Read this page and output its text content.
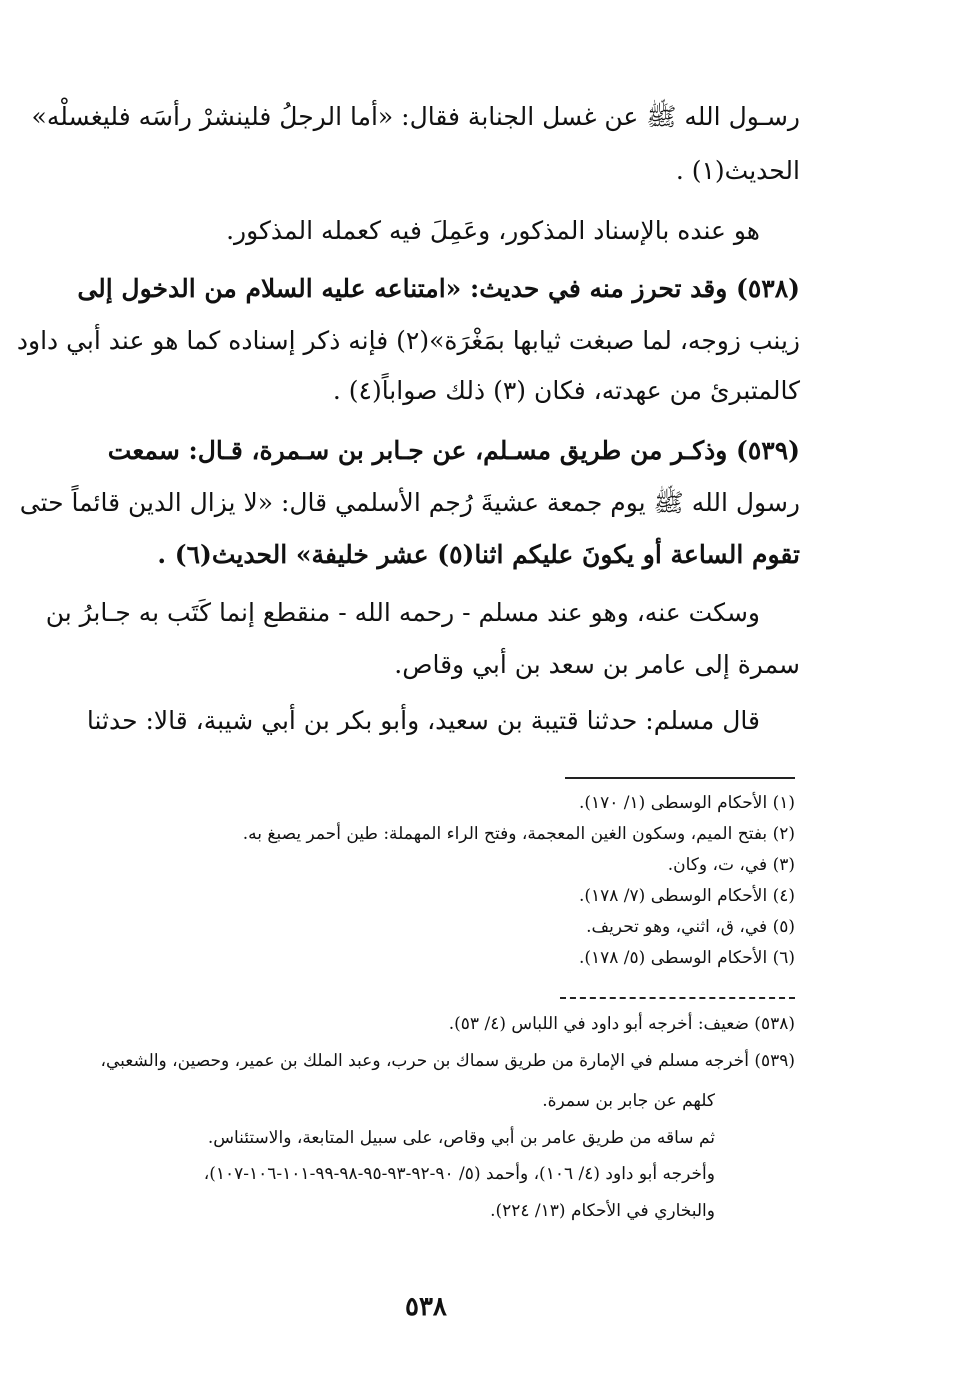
رسـول الله ﷺ عن غسل الجنابة فقال: «أما الرجلُ فلينشرْ رأسَه فليغسلْه»
الحديث(١) .
هو عنده بالإسناد المذكور، وعَمِلَ فيه كعمله المذكور.
(٥٣٨) وقد تحرز منه في حديث: «امتناعه عليه السلام من الدخول إلى
زينب زوجه، لما صبغت ثيابها بمَغْرَة»(٢) فإنه ذكر إسناده كما هو عند أبي داود
كالمتبرئ من عهدته، فكان (٣) ذلك صواباً(٤) .
(٥٣٩) وذكـر من طريق مسـلم، عن جـابر بن سـمرة، قـال: سمعت
رسول الله ﷺ يوم جمعة عشيةَ رُجم الأسلمي قال: «لا يزال الدين قائماً حتى
تقوم الساعة أو يكونَ عليكم اثنا(٥) عشر خليفة» الحديث(٦) .
وسكت عنه، وهو عند مسلم - رحمه الله - منقطع إنما كَتَب به جـابرُ بن
سمرة إلى عامر بن سعد بن أبي وقاص.
قال مسلم: حدثنا قتيبة بن سعيد، وأبو بكر بن أبي شيبة، قالا: حدثنا
(١) الأحكام الوسطى (١/ ١٧٠).
(٢) بفتح الميم، وسكون الغين المعجمة، وفتح الراء المهملة: طين أحمر يصبغ به.
(٣) في، ت، وكان.
(٤) الأحكام الوسطى (٧/ ١٧٨).
(٥) في، ق، اثني، وهو تحريف.
(٦) الأحكام الوسطى (٥/ ١٧٨).
(٥٣٨) ضعيف: أخرجه أبو داود في اللباس (٤/ ٥٣).
(٥٣٩) أخرجه مسلم في الإمارة من طريق سماك بن حرب، وعبد الملك بن عمير، وحصين، والشعبي،
كلهم عن جابر بن سمرة.
ثم ساقه من طريق عامر بن أبي وقاص، على سبيل المتابعة، والاستئناس.
وأخرجه أبو داود (٤/ ١٠٦)، وأحمد (٥/ ٩٠-٩٢-٩٣-٩٥-٩٨-٩٩-١٠١-١٠٦-١٠٧)،
والبخاري في الأحكام (١٣/ ٢٢٤).
٥٣٨
